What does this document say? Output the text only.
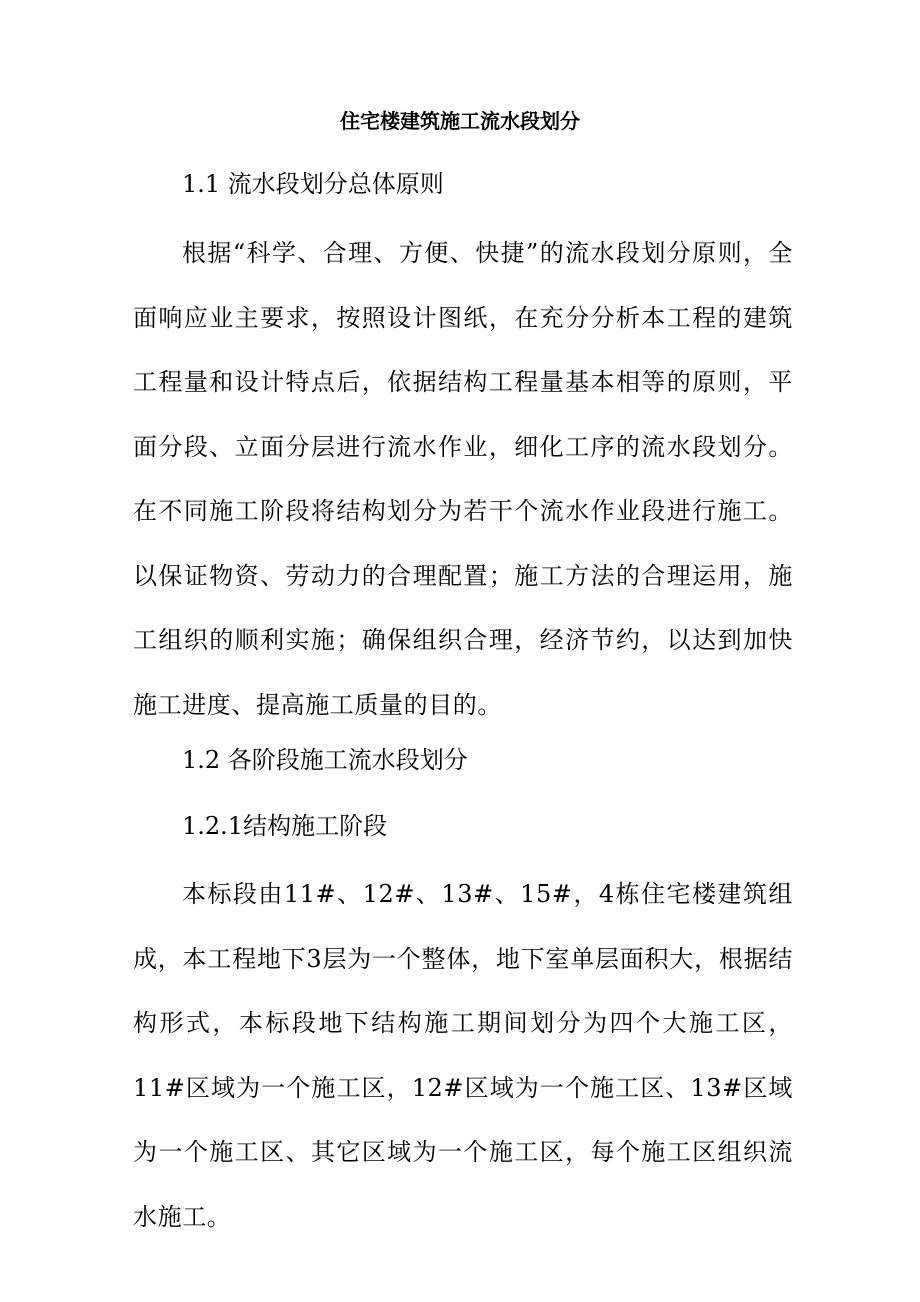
住宅楼建筑施工流水段划分
1.1 流水段划分总体原则
根据“科学、合理、方便、快捷”的流水段划分原则，全面响应业主要求，按照设计图纸，在充分分析本工程的建筑工程量和设计特点后，依据结构工程量基本相等的原则，平面分段、立面分层进行流水作业，细化工序的流水段划分。在不同施工阶段将结构划分为若干个流水作业段进行施工。以保证物资、劳动力的合理配置；施工方法的合理运用，施工组织的顺利实施；确保组织合理，经济节约，以达到加快施工进度、提高施工质量的目的。
1.2 各阶段施工流水段划分
1.2.1结构施工阶段
本标段由11#、12#、13#、15#，4栋住宅楼建筑组成，本工程地下3层为一个整体，地下室单层面积大，根据结构形式，本标段地下结构施工期间划分为四个大施工区，11#区域为一个施工区，12#区域为一个施工区、13#区域为一个施工区、其它区域为一个施工区，每个施工区组织流水施工。
